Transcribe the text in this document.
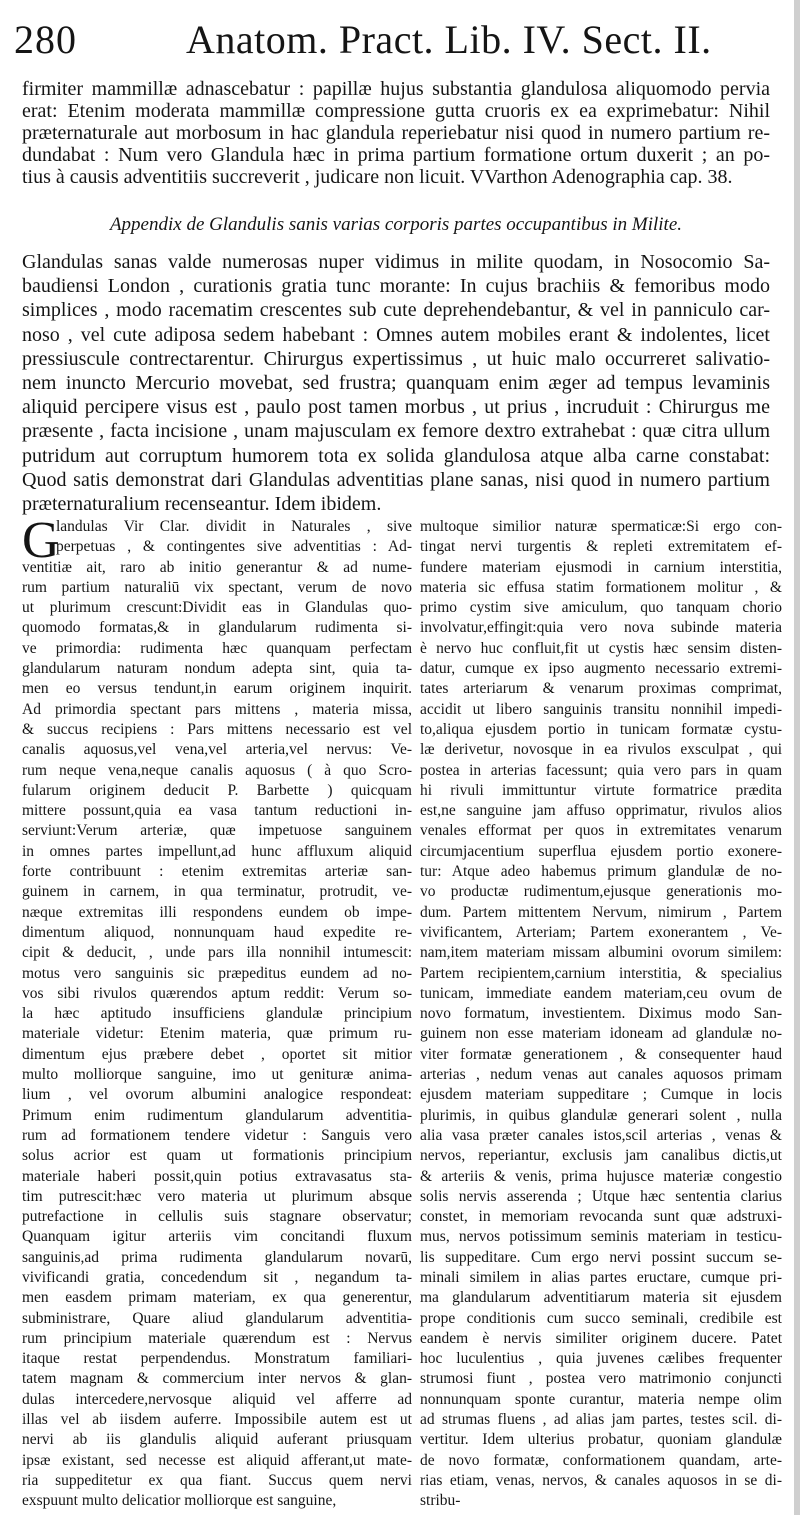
280	Anatom. Pract. Lib. IV. Sect. II.
firmiter mammillæ adnascebatur : papillæ hujus substantia glandulosa aliquomodo pervia
erat: Etenim moderata mammillæ compressione gutta cruoris ex ea exprimebatur: Nihil
præternaturale aut morbosum in hac glandula reperiebatur nisi quod in numero partium re-
dundabat : Num vero Glandula hæc in prima partium formatione ortum duxerit ; an po-
tius à causis adventitiis succreverit , judicare non licuit. VVarthon Adenographia cap. 38.
Appendix de Glandulis sanis varias corporis partes occupantibus in Milite.
Glandulas sanas valde numerosas nuper vidimus in milite quodam, in Nosocomio Sa-
baudiensi London , curationis gratia tunc morante: In cujus brachiis & femoribus modo
simplices , modo racematim crescentes sub cute deprehendebantur, & vel in panniculo car-
noso , vel cute adiposa sedem habebant : Omnes autem mobiles erant & indolentes, licet
pressiuscule contrectarentur. Chirurgus expertissimus , ut huic malo occurreret salivatio-
nem inuncto Mercurio movebat, sed frustra; quanquam enim æger ad tempus levaminis
aliquid percipere visus est , paulo post tamen morbus , ut prius , incruduit : Chirurgus me
præsente , facta incisione , unam majusculam ex femore dextro extrahebat : quæ citra ullum
putridum aut corruptum humorem tota ex solida glandulosa atque alba carne constabat:
Quod satis demonstrat dari Glandulas adventitias plane sanas, nisi quod in numero partium
præternaturalium recenseantur. Idem ibidem.
G
landulas Vir Clar. dividit in Naturales , sive
perpetuas , & contingentes sive adventitias : Ad-
ventitiæ ait, raro ab initio generantur & ad nume-
rum partium naturaliū vix spectant, verum de novo
ut plurimum crescunt:Dividit eas in Glandulas quo-
quomodo formatas,& in glandularum rudimenta si-
ve primordia: rudimenta hæc quanquam perfectam
glandularum naturam nondum adepta sint, quia ta-
men eo versus tendunt,in earum originem inquirit.
Ad primordia spectant pars mittens , materia missa,
& succus recipiens : Pars mittens necessario est vel
canalis aquosus,vel vena,vel arteria,vel nervus: Ve-
rum neque vena,neque canalis aquosus ( à quo Scro-
fularum originem deducit P. Barbette ) quicquam
mittere possunt,quia ea vasa tantum reductioni in-
serviunt:Verum arteriæ, quæ impetuose sanguinem
in omnes partes impellunt,ad hunc affluxum aliquid
forte contribuunt : etenim extremitas arteriæ san-
guinem in carnem, in qua terminatur, protrudit, ve-
næque extremitas illi respondens eundem ob impe-
dimentum aliquod, nonnunquam haud expedite re-
cipit & deducit, , unde pars illa nonnihil intumescit:
motus vero sanguinis sic præpeditus eundem ad no-
vos sibi rivulos quærendos aptum reddit: Verum so-
la hæc aptitudo insufficiens glandulæ principium
materiale videtur: Etenim materia, quæ primum ru-
dimentum ejus præbere debet , oportet sit mitior
multo molliorque sanguine, imo ut genituræ anima-
lium , vel ovorum albumini analogice respondeat:
Primum enim rudimentum glandularum adventitia-
rum ad formationem tendere videtur : Sanguis vero
solus acrior est quam ut formationis principium
materiale haberi possit,quin potius extravasatus sta-
tim putrescit:hæc vero materia ut plurimum absque
putrefactione in cellulis suis stagnare observatur;
Quanquam igitur arteriis vim concitandi fluxum
sanguinis,ad prima rudimenta glandularum novarū,
vivificandi gratia, concedendum sit , negandum ta-
men easdem primam materiam, ex qua generentur,
subministrare, Quare aliud glandularum adventitia-
rum principium materiale quærendum est : Nervus
itaque restat perpendendus. Monstratum familiari-
tatem magnam & commercium inter nervos & glan-
dulas intercedere,nervosque aliquid vel afferre ad
illas vel ab iisdem auferre. Impossibile autem est ut
nervi ab iis glandulis aliquid auferant priusquam
ipsæ existant, sed necesse est aliquid afferant,ut mate-
ria suppeditetur ex qua fiant. Succus quem nervi
exspuunt multo delicatior molliorque est sanguine,
multoque similior naturæ spermaticæ:Si ergo con-
tingat nervi turgentis & repleti extremitatem ef-
fundere materiam ejusmodi in carnium interstitia,
materia sic effusa statim formationem molitur , &
primo cystim sive amiculum, quo tanquam chorio
involvatur,effingit:quia vero nova subinde materia
è nervo huc confluit,fit ut cystis hæc sensim disten-
datur, cumque ex ipso augmento necessario extremi-
tates arteriarum & venarum proximas comprimat,
accidit ut libero sanguinis transitu nonnihil impedi-
to,aliqua ejusdem portio in tunicam formatæ cystu-
læ derivetur, novosque in ea rivulos exsculpat , qui
postea in arterias facessunt; quia vero pars in quam
hi rivuli immittuntur virtute formatrice prædita
est,ne sanguine jam affuso opprimatur, rivulos alios
venales efformat per quos in extremitates venarum
circumjacentium superflua ejusdem portio exonere-
tur: Atque adeo habemus primum glandulæ de no-
vo productæ rudimentum,ejusque generationis mo-
dum. Partem mittentem Nervum, nimirum , Partem
vivificantem, Arteriam; Partem exonerantem , Ve-
nam,item materiam missam albumini ovorum similem:
Partem recipientem,carnium interstitia, & specialius
tunicam, immediate eandem materiam,ceu ovum de
novo formatum, investientem. Diximus modo San-
guinem non esse materiam idoneam ad glandulæ no-
viter formatæ generationem , & consequenter haud
arterias , nedum venas aut canales aquosos primam
ejusdem materiam suppeditare ; Cumque in locis
plurimis, in quibus glandulæ generari solent , nulla
alia vasa præter canales istos,scil arterias , venas &
nervos, reperiantur, exclusis jam canalibus dictis,ut
& arteriis & venis, prima hujusce materiæ congestio
solis nervis asserenda ; Utque hæc sententia clarius
constet, in memoriam revocanda sunt quæ adstruxi-
mus, nervos potissimum seminis materiam in testicu-
lis suppeditare. Cum ergo nervi possint succum se-
minali similem in alias partes eructare, cumque pri-
ma glandularum adventitiarum materia sit ejusdem
prope conditionis cum succo seminali, credibile est
eandem è nervis similiter originem ducere. Patet
hoc luculentius , quia juvenes cælibes frequenter
strumosi fiunt , postea vero matrimonio conjuncti
nonnunquam sponte curantur, materia nempe olim
ad strumas fluens , ad alias jam partes, testes scil. di-
vertitur. Idem ulterius probatur, quoniam glandulæ
de novo formatæ, conformationem quandam, arte-
rias etiam, venas, nervos, & canales aquosos in se di-
stribu-
